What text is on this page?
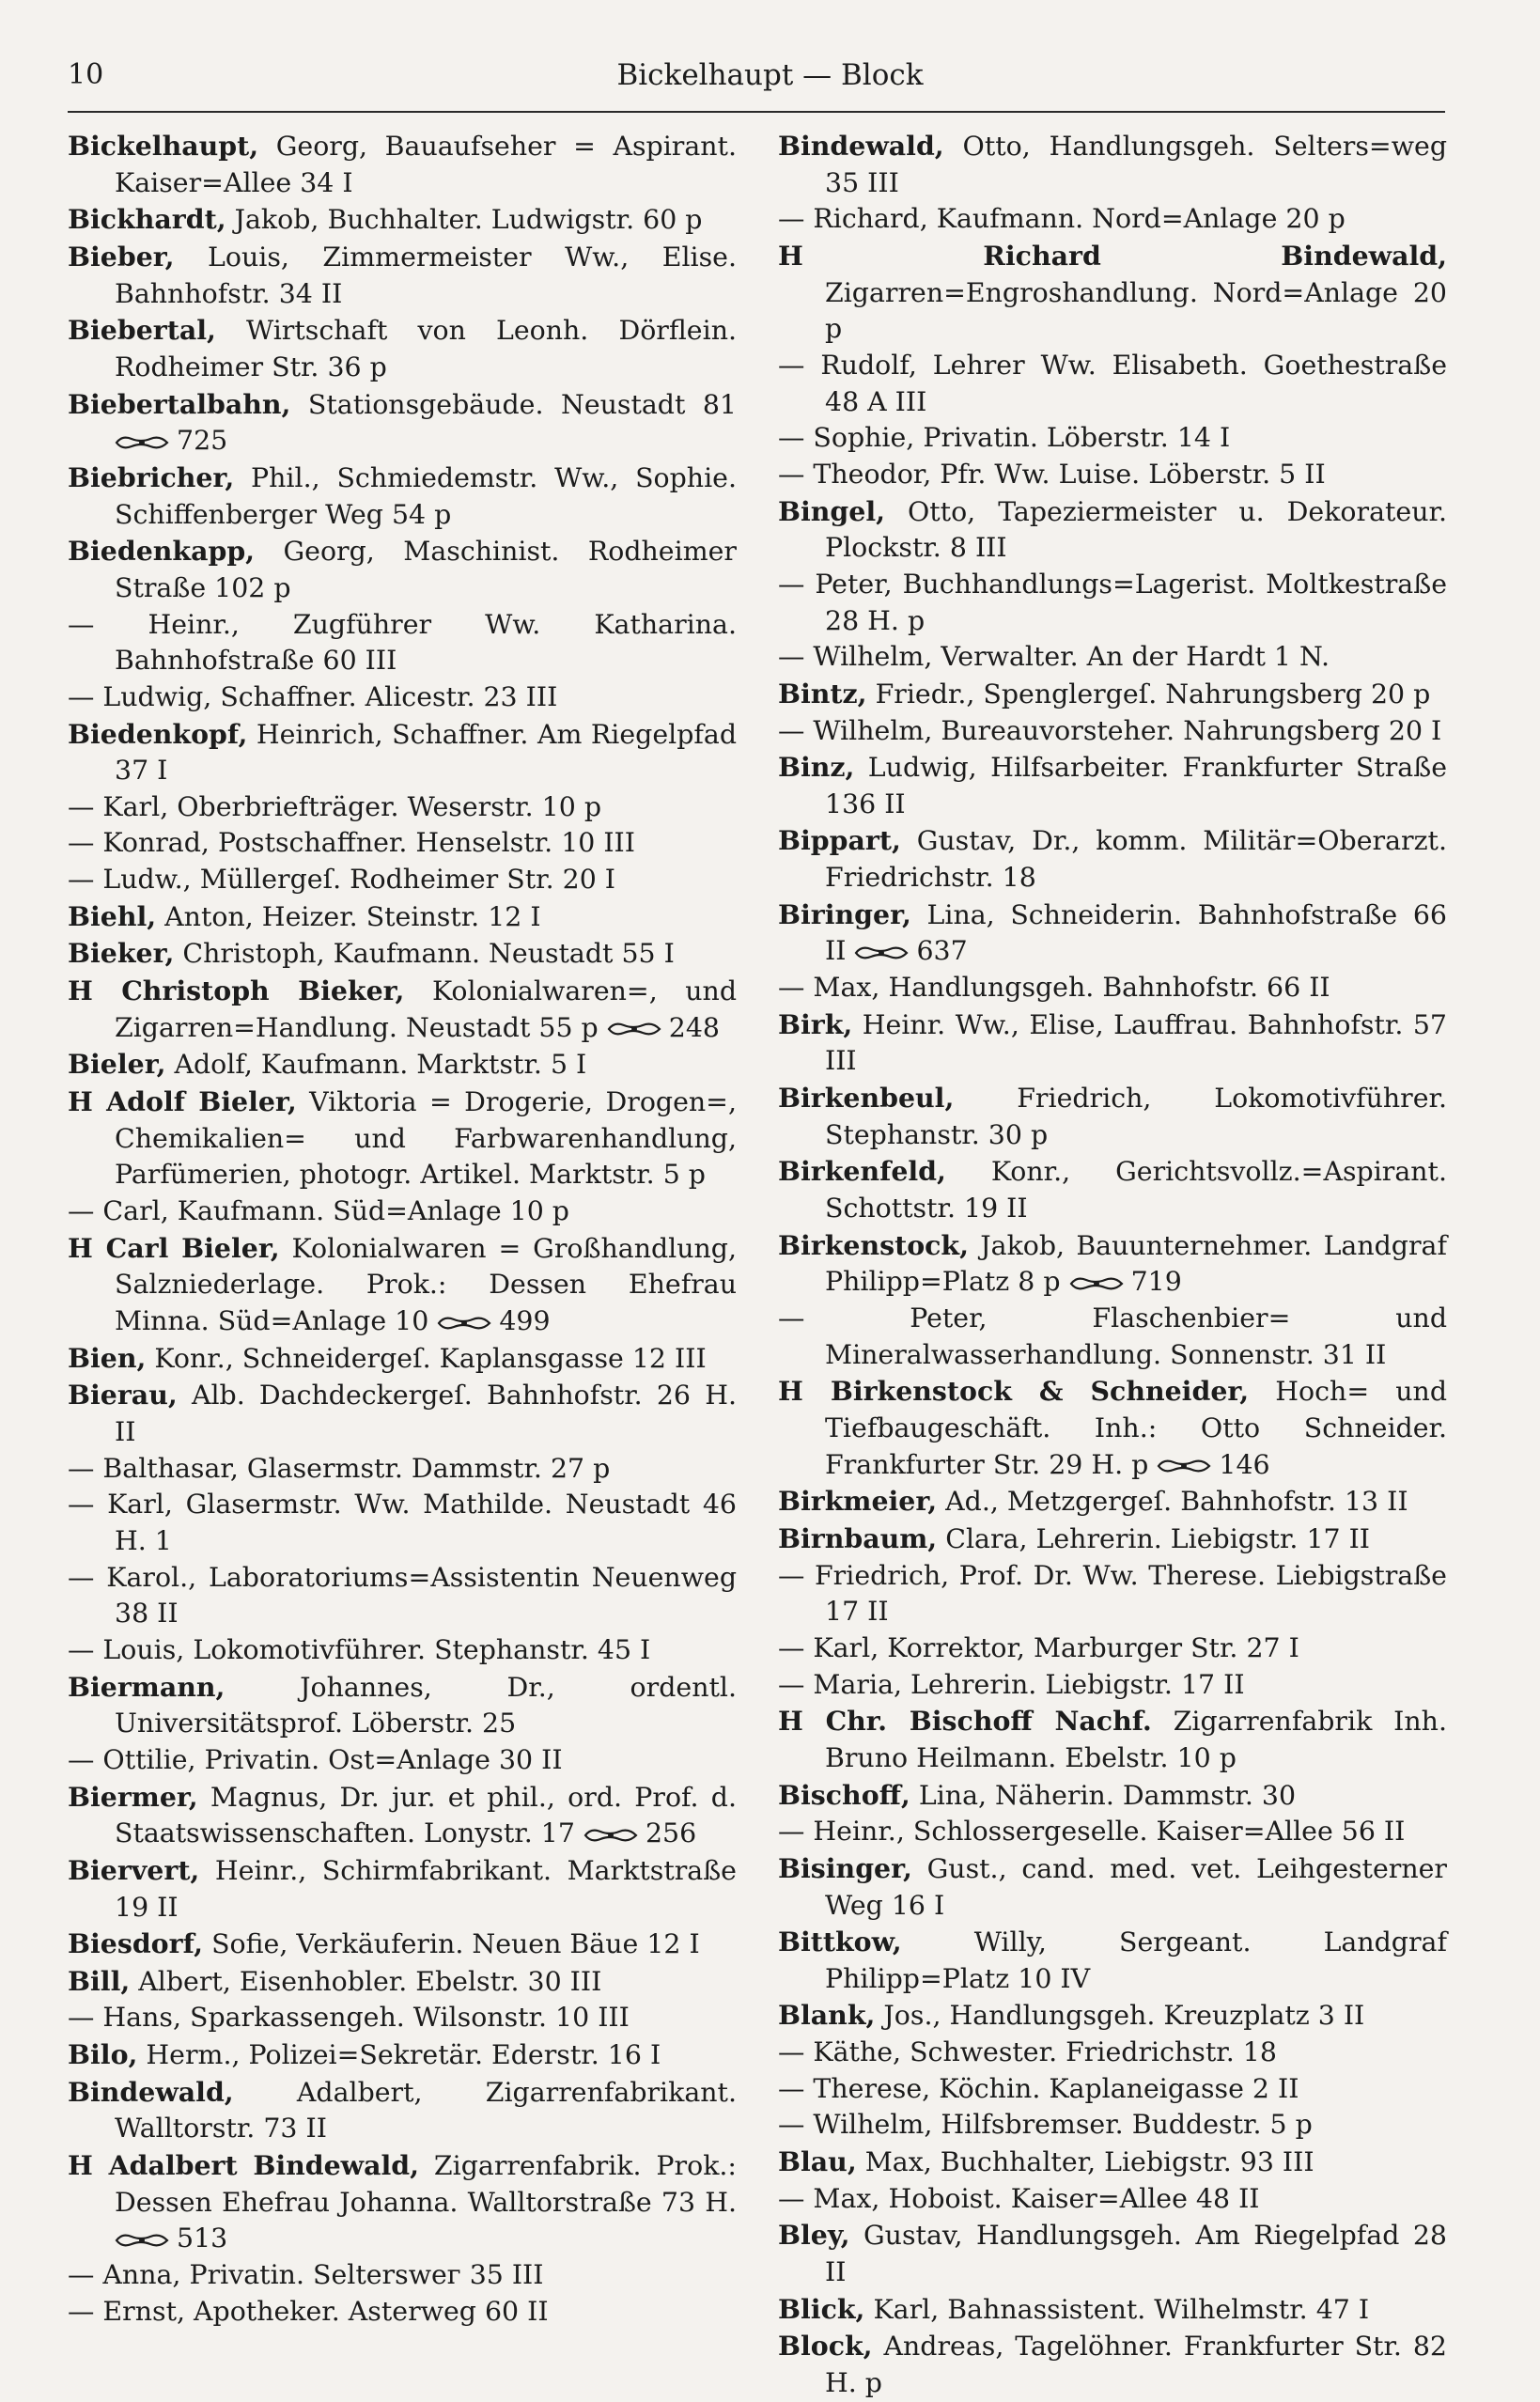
10	Bickelhaupt — Block
Bickelhaupt, Georg, Bauaufseher = Aspirant. Kaiser=Allee 34 I
Bickhardt, Jakob, Buchhalter. Ludwigstr. 60 p
Bieber, Louis, Zimmermeister Ww., Elise. Bahnhofstr. 34 II
Biebertal, Wirtschaft von Leonh. Dörflein. Rodheimer Str. 36 p
Biebertalbahn, Stationsgebäude. Neustadt 81 725
Biebricher, Phil., Schmiedemstr. Ww., Sophie. Schiffenberger Weg 54 p
Biedenkapp, Georg, Maschinist. Rodheimer Straße 102 p
— Heinr., Zugführer Ww. Katharina. Bahnhofstraße 60 III
— Ludwig, Schaffner. Alicestr. 23 III
Biedenkopf, Heinrich, Schaffner. Am Riegelpfad 37 I
— Karl, Oberbriefträger. Weserstr. 10 p
— Konrad, Postschaffner. Henselstr. 10 III
— Ludw., Müllergeſ. Rodheimer Str. 20 I
Biehl, Anton, Heizer. Steinstr. 12 I
Bieker, Christoph, Kaufmann. Neustadt 55 I
H Christoph Bieker, Kolonialwaren=, und Zigarren=Handlung. Neustadt 55 p	248
Bieler, Adolf, Kaufmann. Marktstr. 5 I
H Adolf Bieler, Viktoria = Drogerie, Drogen=, Chemikalien= und Farbwarenhandlung, Parfümerien, photogr. Artikel. Marktstr. 5 p
— Carl, Kaufmann. Süd=Anlage 10 p
H Carl Bieler, Kolonialwaren = Großhandlung, Salzniederlage. Prok.: Dessen Ehefrau Minna. Süd=Anlage 10	499
Bien, Konr., Schneidergeſ. Kaplansgasse 12 III
Bierau, Alb. Dachdeckergeſ. Bahnhofstr. 26 H. II
— Balthasar, Glasermstr. Dammstr. 27 p
— Karl, Glasermstr. Ww. Mathilde. Neustadt 46 H. 1
— Karol., Laboratoriums=Assistentin Neuenweg 38 II
— Louis, Lokomotivführer. Stephanstr. 45 I
Biermann, Johannes, Dr., ordentl. Universitätsprof. Löberstr. 25
— Ottilie, Privatin. Ost=Anlage 30 II
Biermer, Magnus, Dr. jur. et phil., ord. Prof. d. Staatswissenschaften. Lonystr. 17	256
Biervert, Heinr., Schirmfabrikant. Marktstraße 19 II
Biesdorf, Sofie, Verkäuferin. Neuen Bäue 12 I
Bill, Albert, Eisenhobler. Ebelstr. 30 III
— Hans, Sparkassengeh. Wilsonstr. 10 III
Bilo, Herm., Polizei=Sekretär. Ederstr. 16 I
Bindewald, Adalbert, Zigarrenfabrikant. Walltorstr. 73 II
H Adalbert Bindewald, Zigarrenfabrik. Prok.: Dessen Ehefrau Johanna. Walltorstraße 73 H. 513
— Anna, Privatin. Selterswег 35 III
— Ernst, Apotheker. Asterweg 60 II
Bindewald, Otto, Handlungsgeh. Selters=weg 35 III
— Richard, Kaufmann. Nord=Anlage 20 p
H Richard Bindewald, Zigarren=Engroshandlung. Nord=Anlage 20 p
— Rudolf, Lehrer Ww. Elisabeth. Goethestraße 48 A III
— Sophie, Privatin. Löberstr. 14 I
— Theodor, Pfr. Ww. Luise. Löberstr. 5 II
Bingel, Otto, Tapeziermeister u. Dekorateur. Plockstr. 8 III
— Peter, Buchhandlungs=Lagerist. Moltkestraße 28 H. p
— Wilhelm, Verwalter. An der Hardt 1 N.
Bintz, Friedr., Spenglergeſ. Nahrungsberg 20 p
— Wilhelm, Bureauvorsteher. Nahrungsberg 20 I
Binz, Ludwig, Hilfsarbeiter. Frankfurter Straße 136 II
Bippart, Gustav, Dr., komm. Militär=Oberarzt. Friedrichstr. 18
Biringer, Lina, Schneiderin. Bahnhofstraße 66 II	637
— Max, Handlungsgeh. Bahnhofstr. 66 II
Birk, Heinr. Ww., Elise, Lauffrau. Bahnhofstr. 57 III
Birkenbeul, Friedrich, Lokomotivführer. Stephanstr. 30 p
Birkenfeld, Konr., Gerichtsvollz.=Aspirant. Schottstr. 19 II
Birkenstock, Jakob, Bauunternehmer. Landgraf Philipp=Platz 8 p	719
— Peter, Flaschenbier= und Mineralwasserhandlung. Sonnenstr. 31 II
H Birkenstock & Schneider, Hoch= und Tiefbaugeschäft. Inh.: Otto Schneider. Frankfurter Str. 29 H. p	146
Birkmeier, Ad., Metzgergeſ. Bahnhofstr. 13 II
Birnbaum, Clara, Lehrerin. Liebigstr. 17 II
— Friedrich, Prof. Dr. Ww. Therese. Liebigstraße 17 II
— Karl, Korrektor, Marburger Str. 27 I
— Maria, Lehrerin. Liebigstr. 17 II
H Chr. Bischoff Nachf. Zigarrenfabrik Inh. Bruno Heilmann. Ebelstr. 10 p
Bischoff, Lina, Näherin. Dammstr. 30
— Heinr., Schlossergeselle. Kaiser=Allee 56 II
Bisinger, Gust., cand. med. vet. Leihgesterner Weg 16 I
Bittkow, Willy, Sergeant. Landgraf Philipp=Platz 10 IV
Blank, Jos., Handlungsgeh. Kreuzplatz 3 II
— Käthe, Schwester. Friedrichstr. 18
— Therese, Köchin. Kaplaneigasse 2 II
— Wilhelm, Hilfsbremser. Buddestr. 5 p
Blau, Max, Buchhalter, Liebigstr. 93 III
— Max, Hoboist. Kaiser=Allee 48 II
Bley, Gustav, Handlungsgeh. Am Riegelpfad 28 II
Blick, Karl, Bahnassistent. Wilhelmstr. 47 I
Block, Andreas, Tagelöhner. Frankfurter Str. 82 H. p
